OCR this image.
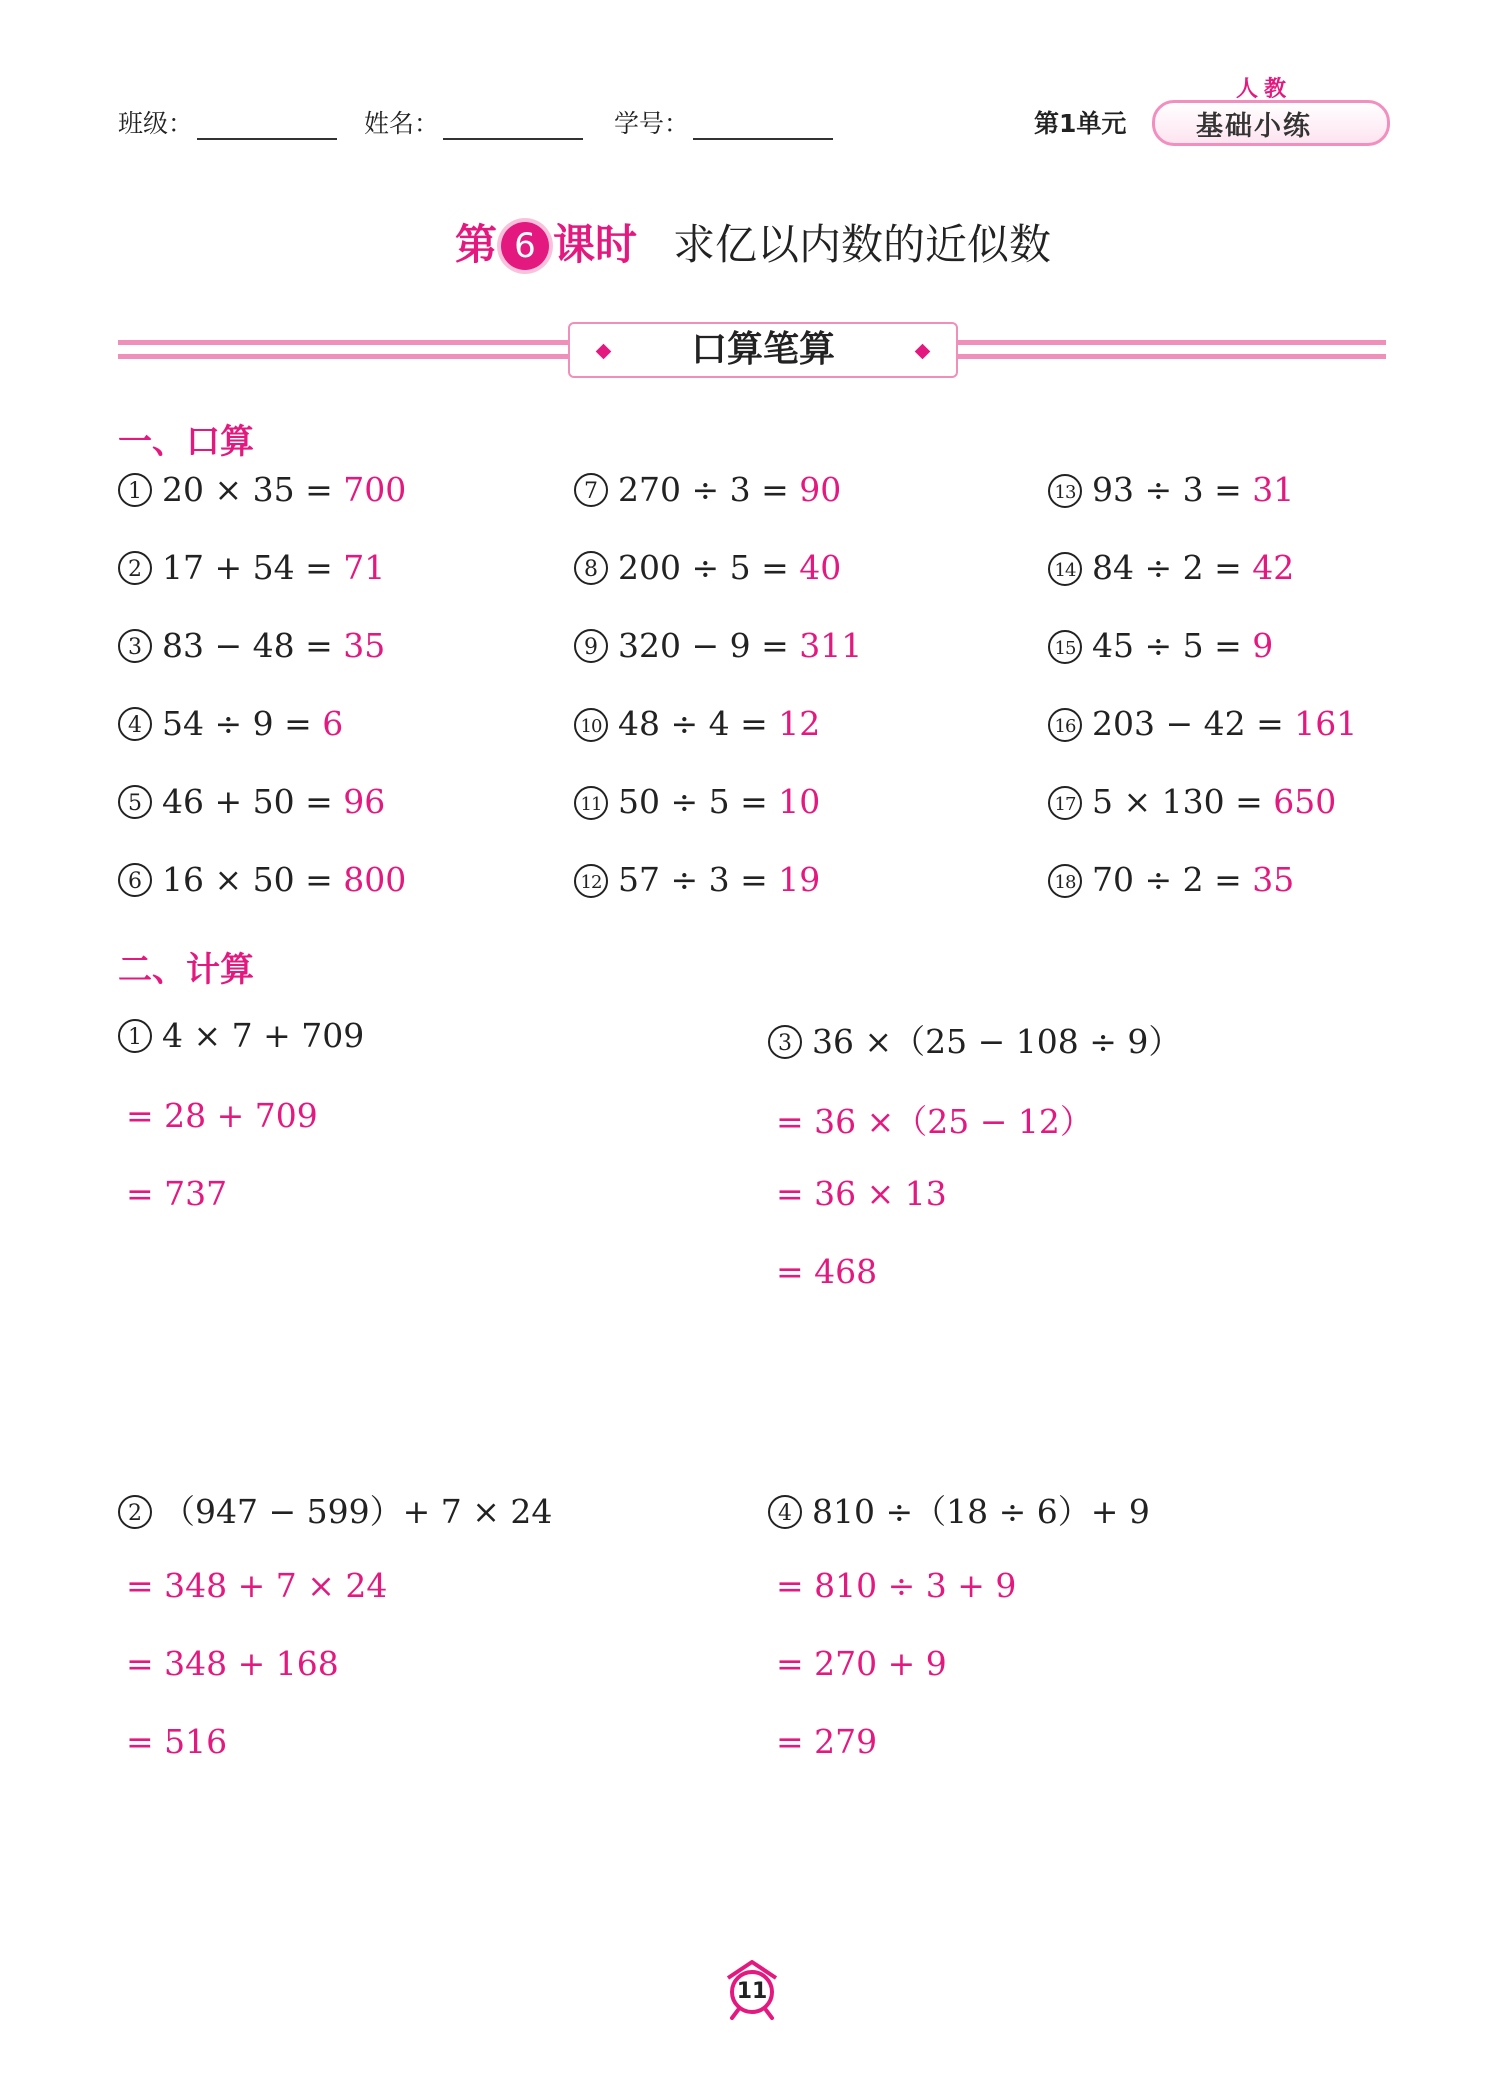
班级：	姓名：	学号：	第1单元
人教
基础小练
第 6 课时 求亿以内数的近似数
口算笔算
一、口算
1 20 × 35 = 700
2 17 + 54 = 71
3 83 − 48 = 35
4 54 ÷ 9 = 6
5 46 + 50 = 96
6 16 × 50 = 800
7 270 ÷ 3 = 90
8 200 ÷ 5 = 40
9 320 − 9 = 311
10 48 ÷ 4 = 12
11 50 ÷ 5 = 10
12 57 ÷ 3 = 19
13 93 ÷ 3 = 31
14 84 ÷ 2 = 42
15 45 ÷ 5 = 9
16 203 − 42 = 161
17 5 × 130 = 650
18 70 ÷ 2 = 35
二、计算
1 4 × 7 + 709
= 28 + 709
= 737
3 36 ×（25 − 108 ÷ 9）
= 36 ×（25 − 12）
= 36 × 13
= 468
2 （947 − 599）+ 7 × 24
= 348 + 7 × 24
= 348 + 168
= 516
4 810 ÷（18 ÷ 6）+ 9
= 810 ÷ 3 + 9
= 270 + 9
= 279
11
